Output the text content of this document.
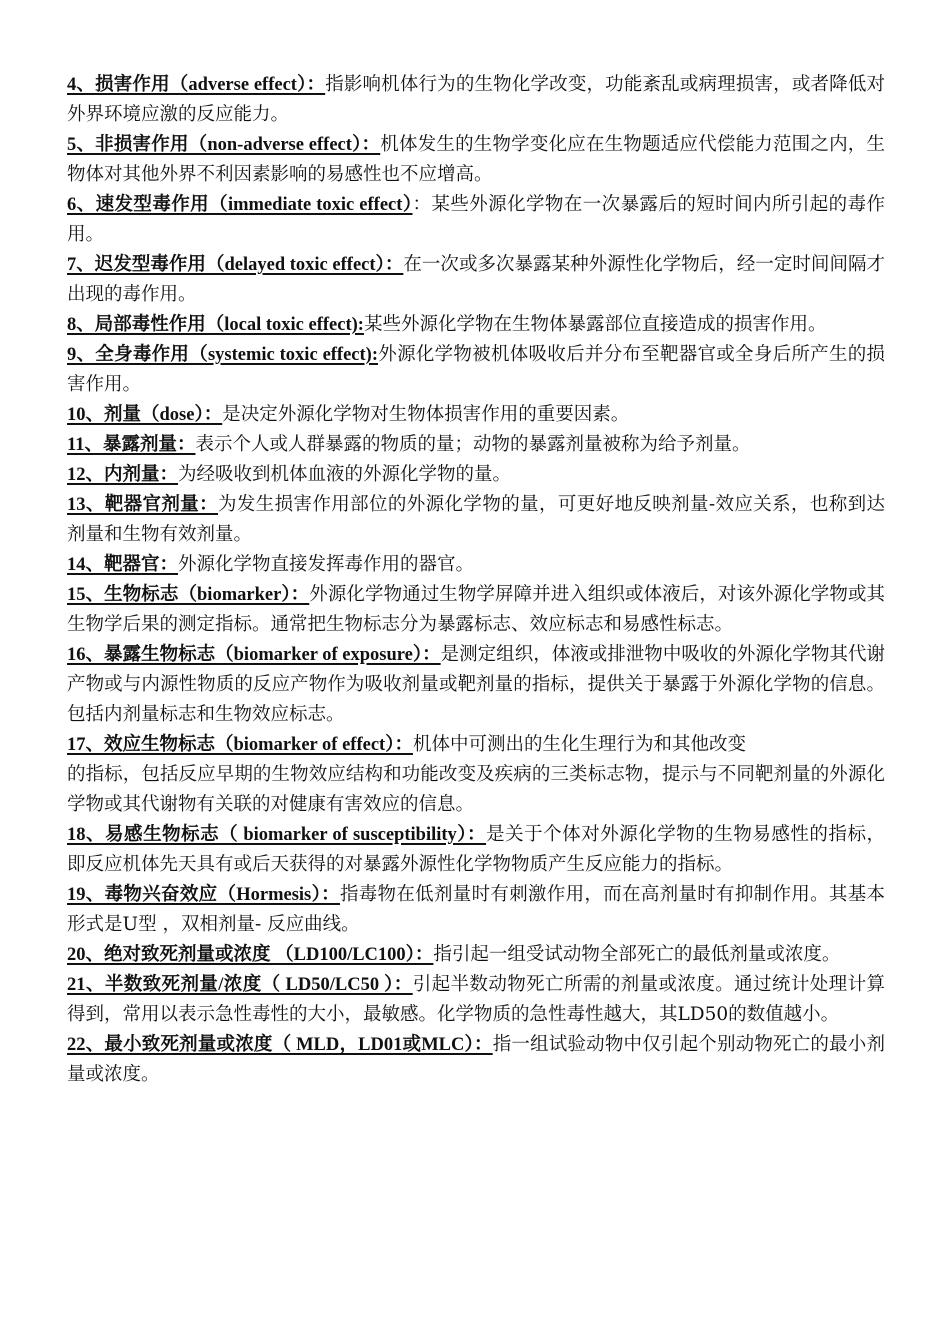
4、损害作用（adverse effect）：指影响机体行为的生物化学改变，功能紊乱或病理损害，或者降低对外界环境应激的反应能力。

5、非损害作用（non-adverse effect）：机体发生的生物学变化应在生物题适应代偿能力范围之内，生物体对其他外界不利因素影响的易感性也不应增高。

6、速发型毒作用（immediate toxic effect）：某些外源化学物在一次暴露后的短时间内所引起的毒作用。

7、迟发型毒作用（delayed toxic effect）：在一次或多次暴露某种外源性化学物后，经一定时间间隔才出现的毒作用。

8、局部毒性作用（local toxic effect):某些外源化学物在生物体暴露部位直接造成的损害作用。

9、全身毒作用（systemic toxic effect):外源化学物被机体吸收后并分布至靶器官或全身后所产生的损害作用。

10、剂量（dose）：是决定外源化学物对生物体损害作用的重要因素。

11、暴露剂量：表示个人或人群暴露的物质的量；动物的暴露剂量被称为给予剂量。

12、内剂量：为经吸收到机体血液的外源化学物的量。

13、靶器官剂量：为发生损害作用部位的外源化学物的量，可更好地反映剂量-效应关系，也称到达剂量和生物有效剂量。

14、靶器官：外源化学物直接发挥毒作用的器官。

15、生物标志（biomarker）：外源化学物通过生物学屏障并进入组织或体液后，对该外源化学物或其生物学后果的测定指标。通常把生物标志分为暴露标志、效应标志和易感性标志。

16、暴露生物标志（biomarker of exposure）：是测定组织，体液或排泄物中吸收的外源化学物其代谢产物或与内源性物质的反应产物作为吸收剂量或靶剂量的指标，提供关于暴露于外源化学物的信息。包括内剂量标志和生物效应标志。

17、效应生物标志（biomarker of effect）：机体中可测出的生化生理行为和其他改变

的指标，包括反应早期的生物效应结构和功能改变及疾病的三类标志物，提示与不同靶剂量的外源化学物或其代谢物有关联的对健康有害效应的信息。

18、易感生物标志（ biomarker of susceptibility）：是关于个体对外源化学物的生物易感性的指标，即反应机体先天具有或后天获得的对暴露外源性化学物物质产生反应能力的指标。

19、毒物兴奋效应（Hormesis）：指毒物在低剂量时有刺激作用，而在高剂量时有抑制作用。其基本形式是U型 ，双相剂量- 反应曲线。

20、绝对致死剂量或浓度 （LD100/LC100）：指引起一组受试动物全部死亡的最低剂量或浓度。

21、半数致死剂量/浓度（ LD50/LC50 ）：引起半数动物死亡所需的剂量或浓度。通过统计处理计算得到，常用以表示急性毒性的大小，最敏感。化学物质的急性毒性越大，其LD50的数值越小。

22、最小致死剂量或浓度（ MLD，LD01或MLC）：指一组试验动物中仅引起个别动物死亡的最小剂量或浓度。
